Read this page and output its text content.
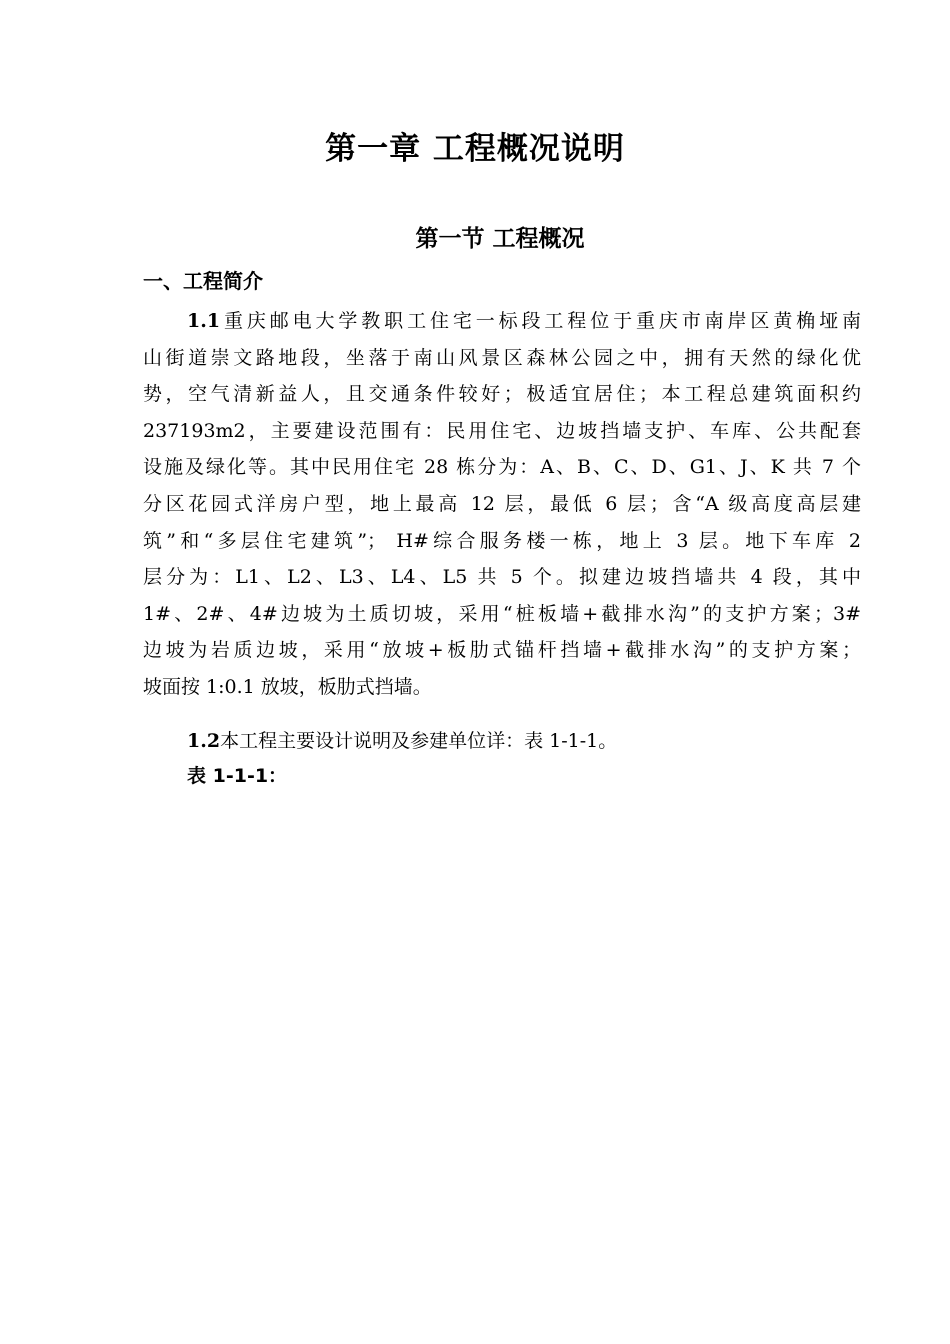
第一章 工程概况说明
第一节 工程概况
一、工程简介
1.1重庆邮电大学教职工住宅一标段工程位于重庆市南岸区黄桷垭南
山街道崇文路地段，坐落于南山风景区森林公园之中，拥有天然的绿化优
势，空气清新益人，且交通条件较好；极适宜居住；本工程总建筑面积约
237193m2，主要建设范围有：民用住宅、边坡挡墙支护、车库、公共配套
设施及绿化等。其中民用住宅 28 栋分为：A、B、C、D、G1、J、K 共 7 个
分区花园式洋房户型，地上最高 12 层，最低 6 层；含“A 级高度高层建
筑”和“多层住宅建筑”； H#综合服务楼一栋，地上 3 层。地下车库 2
层分为：L1、L2、L3、L4、L5 共 5 个。拟建边坡挡墙共 4 段，其中
1#、2#、4#边坡为土质切坡，采用“桩板墙+截排水沟”的支护方案；3#
边坡为岩质边坡，采用“放坡+板肋式锚杆挡墙+截排水沟”的支护方案；
坡面按 1:0.1 放坡，板肋式挡墙。
1.2本工程主要设计说明及参建单位详：表 1-1-1。
表 1-1-1：
